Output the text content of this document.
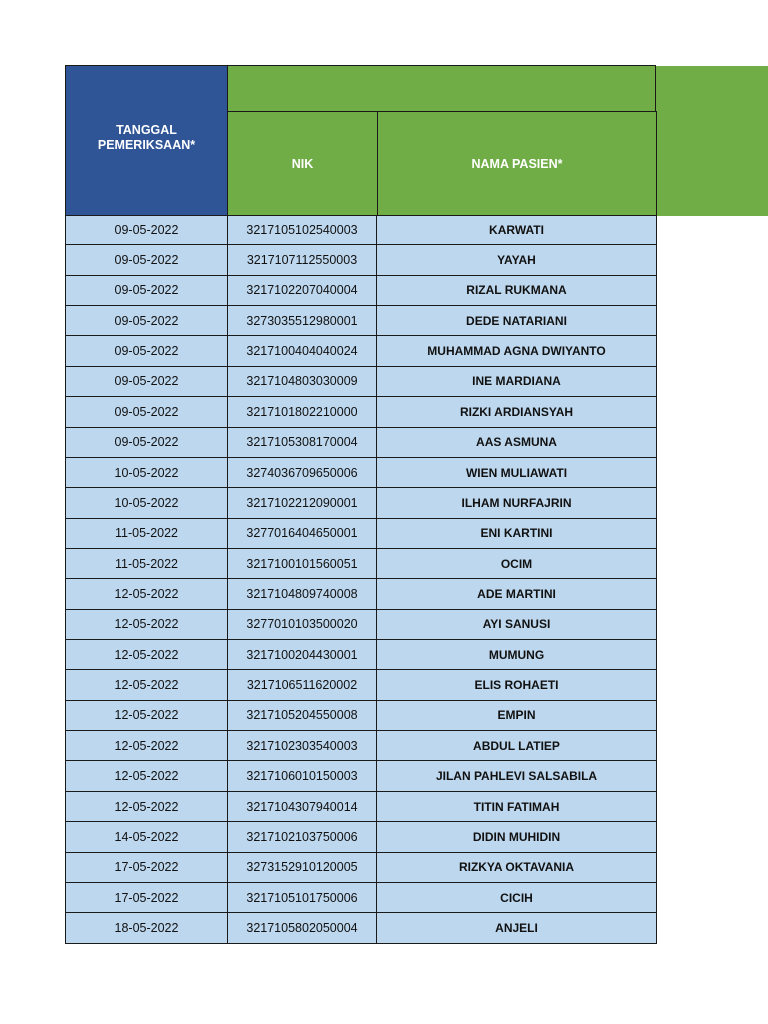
TANGGAL
PEMERIKSAAN*
NIK	NAMA PASIEN*
09-05-2022	3217105102540003	KARWATI
09-05-2022	3217107112550003	YAYAH
09-05-2022	3217102207040004	RIZAL RUKMANA
09-05-2022	3273035512980001	DEDE NATARIANI
09-05-2022	3217100404040024	MUHAMMAD AGNA DWIYANTO
09-05-2022	3217104803030009	INE MARDIANA
09-05-2022	3217101802210000	RIZKI ARDIANSYAH
09-05-2022	3217105308170004	AAS ASMUNA
10-05-2022	3274036709650006	WIEN MULIAWATI
10-05-2022	3217102212090001	ILHAM NURFAJRIN
11-05-2022	3277016404650001	ENI KARTINI
11-05-2022	3217100101560051	OCIM
12-05-2022	3217104809740008	ADE MARTINI
12-05-2022	3277010103500020	AYI SANUSI
12-05-2022	3217100204430001	MUMUNG
12-05-2022	3217106511620002	ELIS ROHAETI
12-05-2022	3217105204550008	EMPIN
12-05-2022	3217102303540003	ABDUL LATIEP
12-05-2022	3217106010150003	JILAN PAHLEVI SALSABILA
12-05-2022	3217104307940014	TITIN FATIMAH
14-05-2022	3217102103750006	DIDIN MUHIDIN
17-05-2022	3273152910120005	RIZKYA OKTAVANIA
17-05-2022	3217105101750006	CICIH
18-05-2022	3217105802050004	ANJELI
